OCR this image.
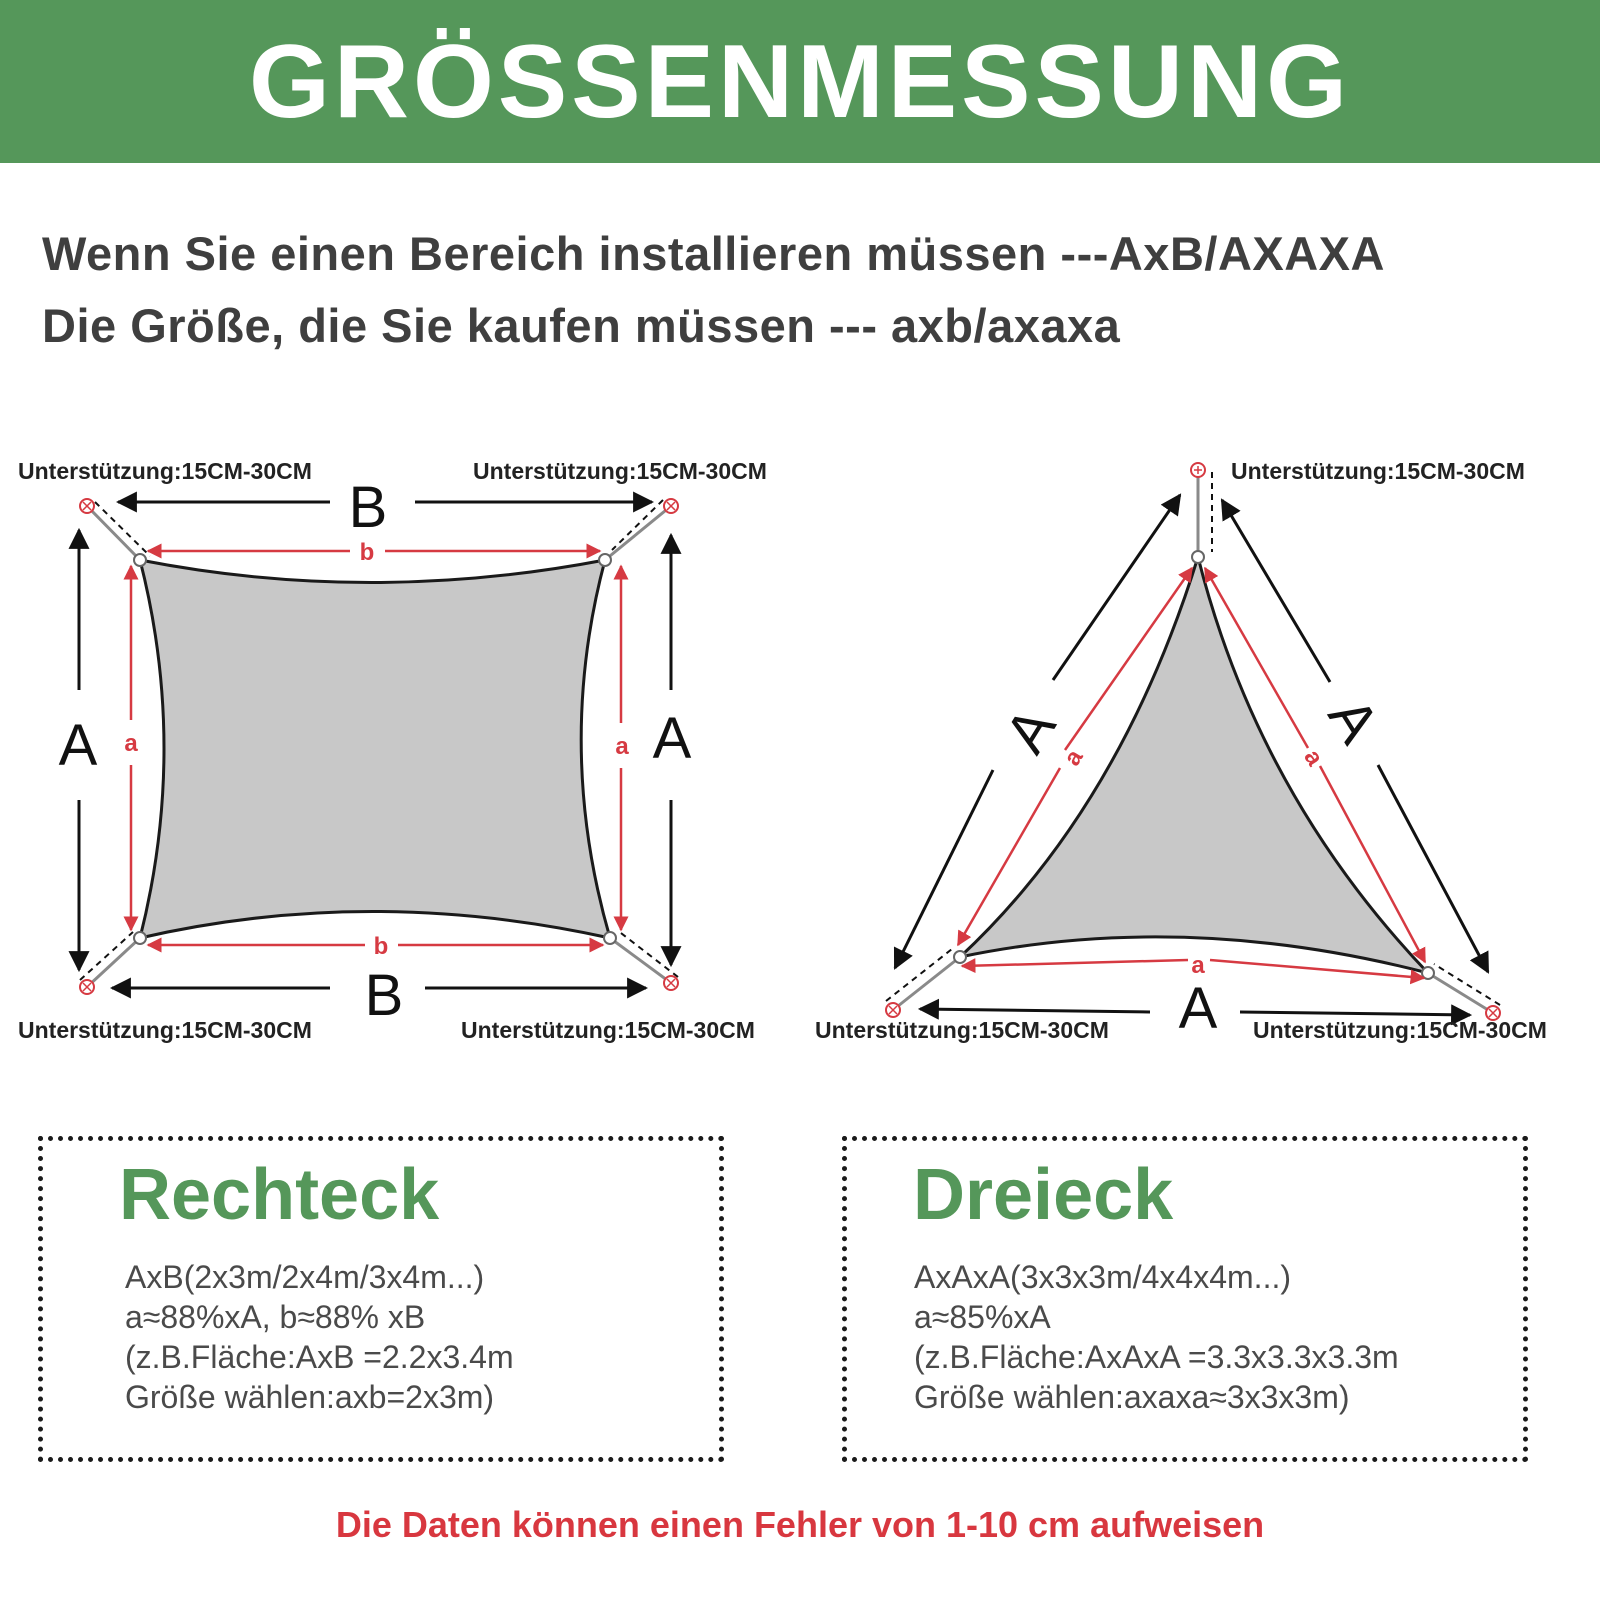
GRÖSSENMESSUNG
Wenn Sie einen Bereich installieren müssen ---AxB/AXAXA
Die Größe, die Sie kaufen müssen --- axb/axaxa
B
B
A	A
b
b
a	a
Unterstützung:15CM-30CM	Unterstützung:15CM-30CM
Unterstützung:15CM-30CM	Unterstützung:15CM-30CM
A	A
A
a	a
a
Unterstützung:15CM-30CM
Unterstützung:15CM-30CM	Unterstützung:15CM-30CM
Rechteck
AxB(2x3m/2x4m/3x4m...)
a≈88%xA, b≈88% xB
(z.B.Fläche:AxB =2.2x3.4m
Größe wählen:axb=2x3m)
Dreieck
AxAxA(3x3x3m/4x4x4m...)
a≈85%xA
(z.B.Fläche:AxAxA =3.3x3.3x3.3m
Größe wählen:axaxa≈3x3x3m)
Die Daten können einen Fehler von 1-10 cm aufweisen
